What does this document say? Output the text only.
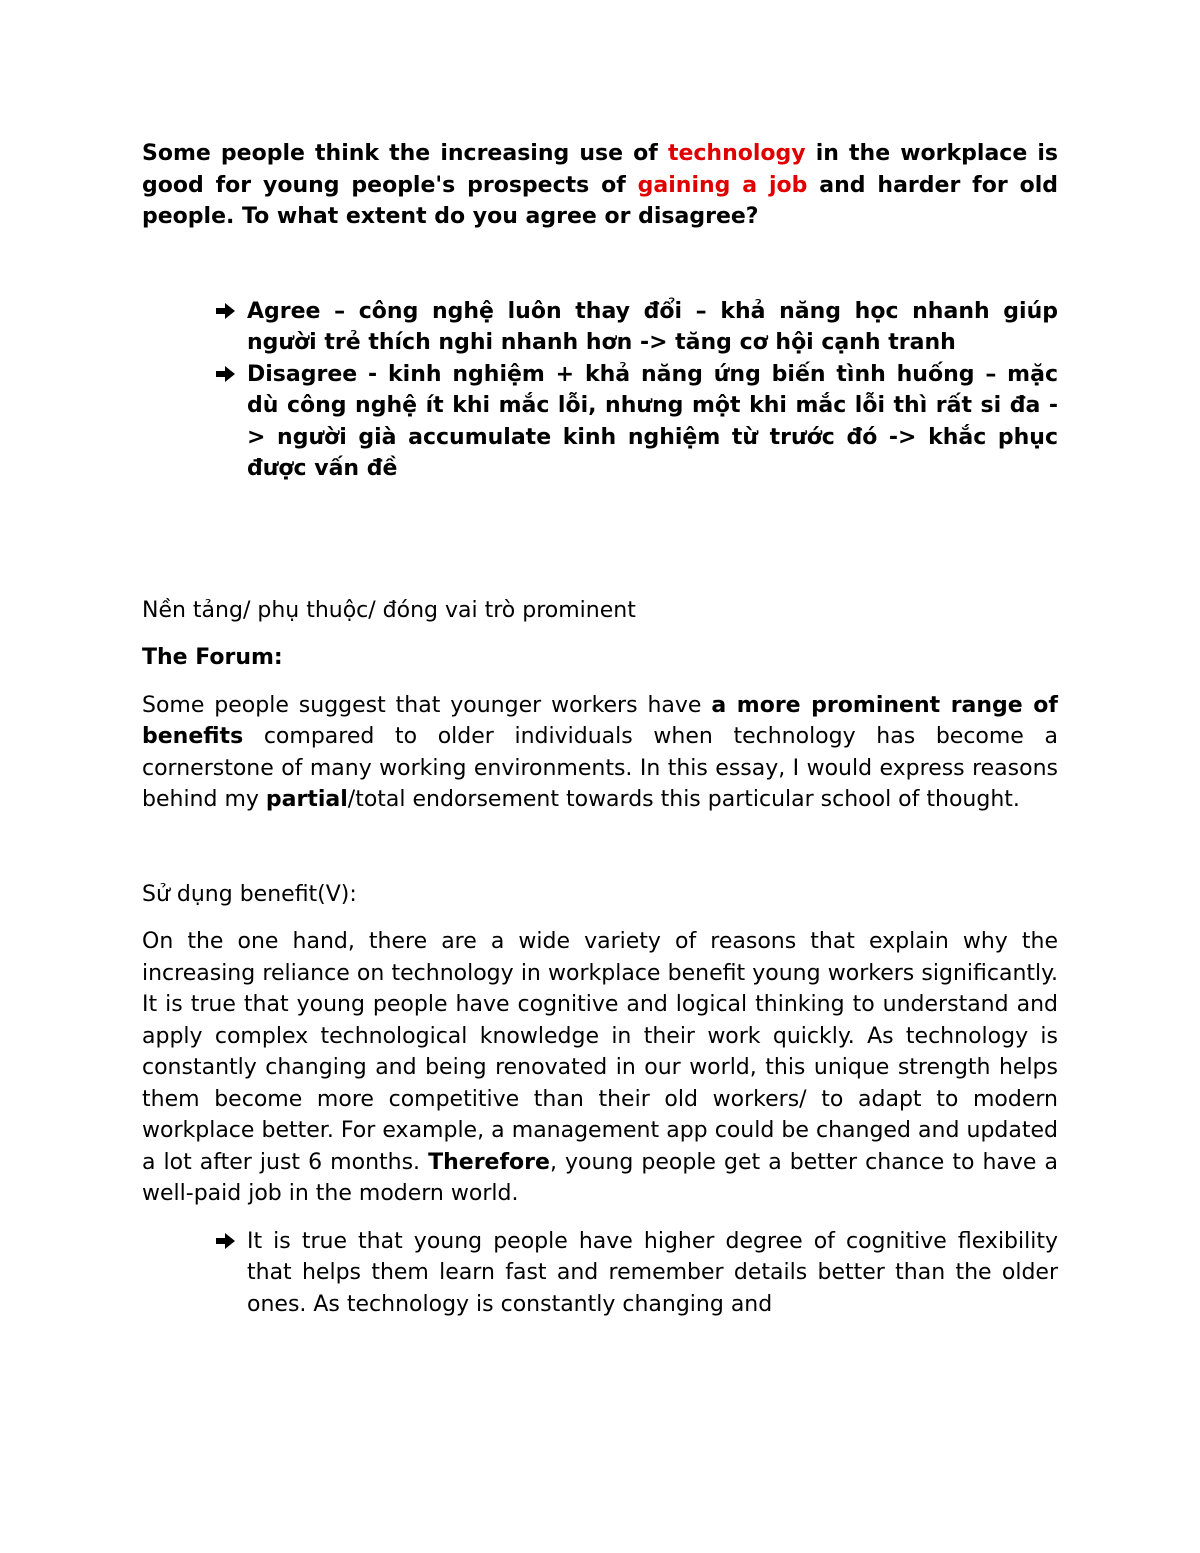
Some people think the increasing use of technology in the workplace is good for young people's prospects of gaining a job and harder for old people. To what extent do you agree or disagree?

Agree – công nghệ luôn thay đổi – khả năng học nhanh giúp người trẻ thích nghi nhanh hơn -> tăng cơ hội cạnh tranh
Disagree - kinh nghiệm + khả năng ứng biến tình huống – mặc dù công nghệ ít khi mắc lỗi, nhưng một khi mắc lỗi thì rất si đa -> người già accumulate kinh nghiệm từ trước đó -> khắc phục được vấn đề

Nền tảng/ phụ thuộc/ đóng vai trò prominent

The Forum:

Some people suggest that younger workers have a more prominent range of benefits compared to older individuals when technology has become a cornerstone of many working environments. In this essay, I would express reasons behind my partial/total endorsement towards this particular school of thought.

Sử dụng benefit(V):

On the one hand, there are a wide variety of reasons that explain why the increasing reliance on technology in workplace benefit young workers significantly. It is true that young people have cognitive and logical thinking to understand and apply complex technological knowledge in their work quickly. As technology is constantly changing and being renovated in our world, this unique strength helps them become more competitive than their old workers/ to adapt to modern workplace better. For example, a management app could be changed and updated a lot after just 6 months. Therefore, young people get a better chance to have a well-paid job in the modern world.

It is true that young people have higher degree of cognitive flexibility that helps them learn fast and remember details better than the older ones. As technology is constantly changing and
